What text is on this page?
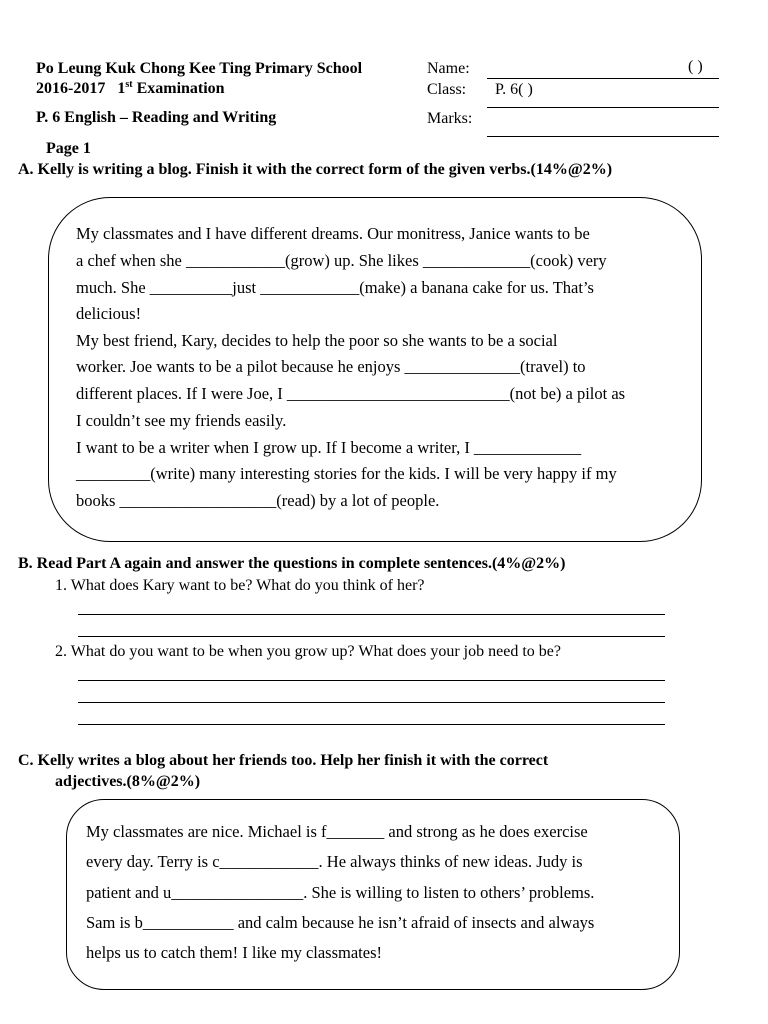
Po Leung Kuk Chong Kee Ting Primary School
2016-2017 1st Examination
P. 6 English – Reading and Writing
Name:	( )
Class: P. 6( )
Marks:
Page 1
A. Kelly is writing a blog. Finish it with the correct form of the given verbs.(14%@2%)
My classmates and I have different dreams. Our monitress, Janice wants to be
a chef when she ____________(grow) up. She likes _____________(cook) very
much. She __________just ____________(make) a banana cake for us. That’s
delicious!
My best friend, Kary, decides to help the poor so she wants to be a social
worker. Joe wants to be a pilot because he enjoys ______________(travel) to
different places. If I were Joe, I ___________________________(not be) a pilot as
I couldn’t see my friends easily.
I want to be a writer when I grow up. If I become a writer, I _____________
_________(write) many interesting stories for the kids. I will be very happy if my
books ___________________(read) by a lot of people.
B. Read Part A again and answer the questions in complete sentences.(4%@2%)
1. What does Kary want to be? What do you think of her?
2. What do you want to be when you grow up? What does your job need to be?
C. Kelly writes a blog about her friends too. Help her finish it with the correct
adjectives.(8%@2%)
My classmates are nice. Michael is f_______ and strong as he does exercise
every day. Terry is c____________. He always thinks of new ideas. Judy is
patient and u________________. She is willing to listen to others’ problems.
Sam is b___________ and calm because he isn’t afraid of insects and always
helps us to catch them! I like my classmates!
